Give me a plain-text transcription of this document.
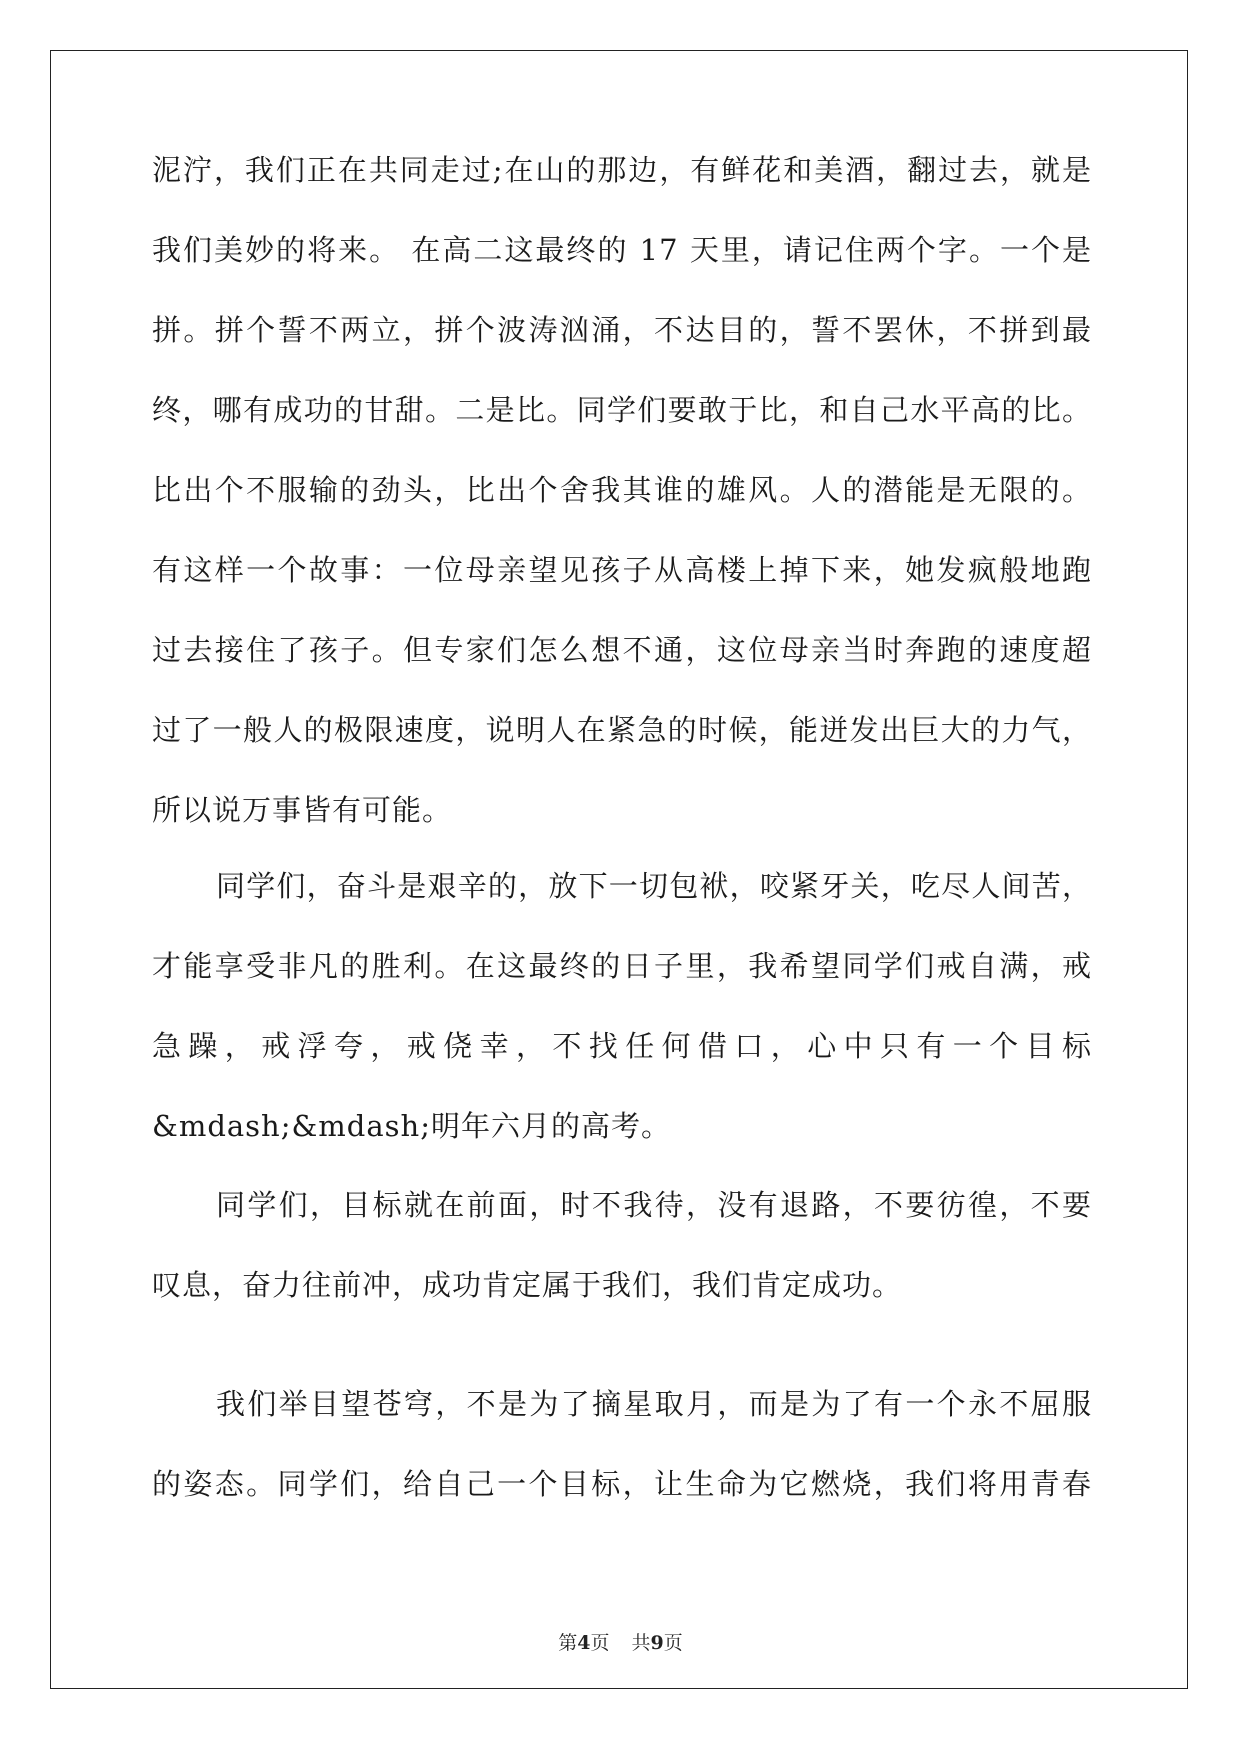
泥泞，我们正在共同走过;在山的那边，有鲜花和美酒，翻过去，就是
我们美妙的将来。 在高二这最终的 17 天里，请记住两个字。一个是
拼。拼个誓不两立，拼个波涛汹涌，不达目的，誓不罢休，不拼到最
终，哪有成功的甘甜。二是比。同学们要敢于比，和自己水平高的比。
比出个不服输的劲头，比出个舍我其谁的雄风。人的潜能是无限的。
有这样一个故事：一位母亲望见孩子从高楼上掉下来，她发疯般地跑
过去接住了孩子。但专家们怎么想不通，这位母亲当时奔跑的速度超
过了一般人的极限速度，说明人在紧急的时候，能迸发出巨大的力气，
所以说万事皆有可能。
同学们，奋斗是艰辛的，放下一切包袱，咬紧牙关，吃尽人间苦，
才能享受非凡的胜利。在这最终的日子里，我希望同学们戒自满，戒
急躁，戒浮夸，戒侥幸，不找任何借口，心中只有一个目标
&mdash;&mdash;明年六月的高考。
同学们，目标就在前面，时不我待，没有退路，不要彷徨，不要
叹息，奋力往前冲，成功肯定属于我们，我们肯定成功。
我们举目望苍穹，不是为了摘星取月，而是为了有一个永不屈服
的姿态。同学们，给自己一个目标，让生命为它燃烧，我们将用青春
第4页 共9页
